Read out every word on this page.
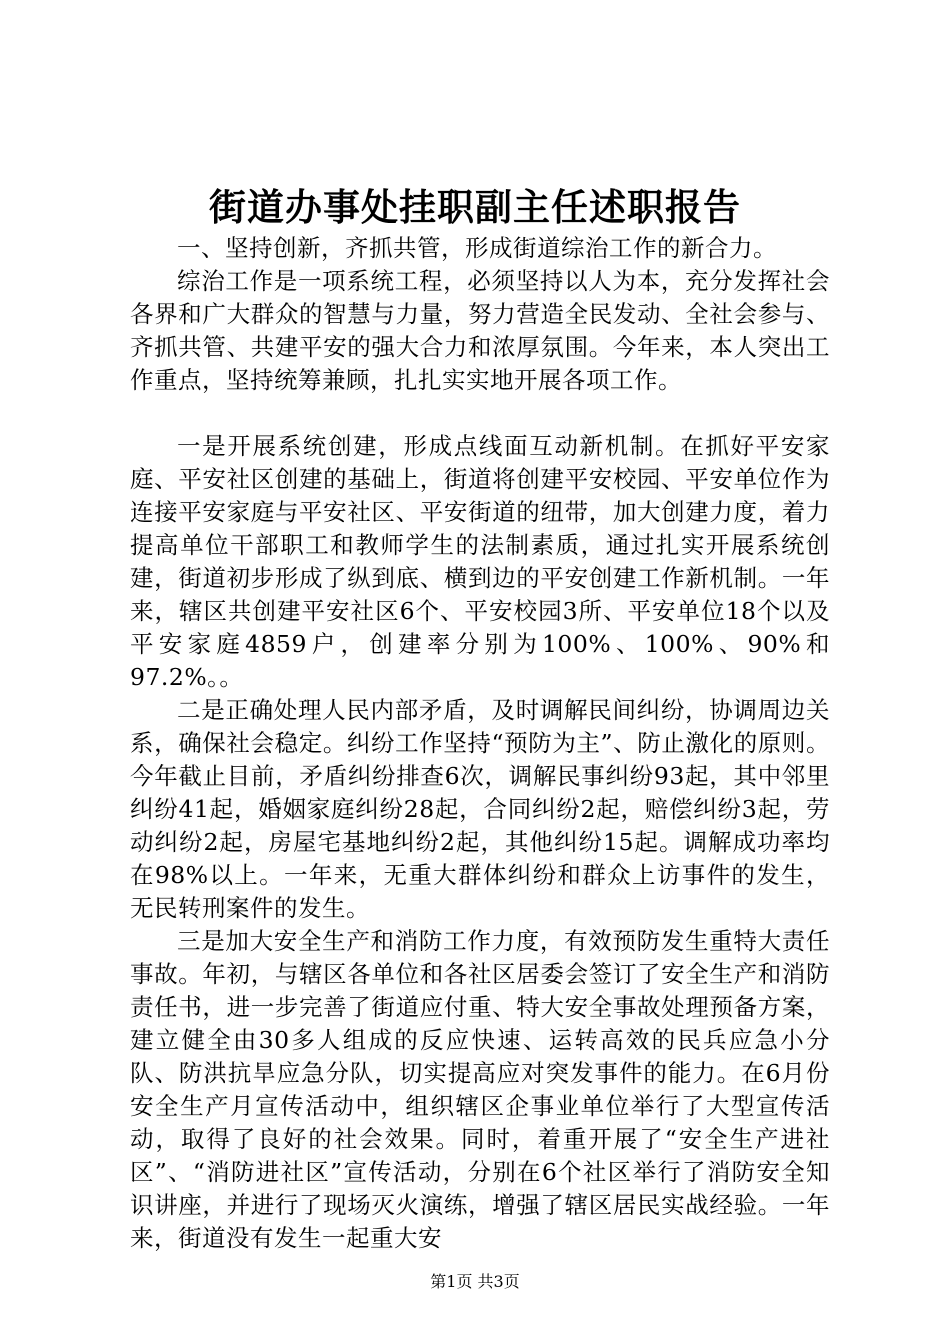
街道办事处挂职副主任述职报告

一、坚持创新，齐抓共管，形成街道综治工作的新合力。

综治工作是一项系统工程，必须坚持以人为本，充分发挥社会各界和广大群众的智慧与力量，努力营造全民发动、全社会参与、齐抓共管、共建平安的强大合力和浓厚氛围。今年来，本人突出工作重点，坚持统筹兼顾，扎扎实实地开展各项工作。

一是开展系统创建，形成点线面互动新机制。在抓好平安家庭、平安社区创建的基础上，街道将创建平安校园、平安单位作为连接平安家庭与平安社区、平安街道的纽带，加大创建力度，着力提高单位干部职工和教师学生的法制素质，通过扎实开展系统创建，街道初步形成了纵到底、横到边的平安创建工作新机制。一年来，辖区共创建平安社区6个、平安校园3所、平安单位18个以及平安家庭4859户，创建率分别为100%、100%、90%和97.2%。。

二是正确处理人民内部矛盾，及时调解民间纠纷，协调周边关系，确保社会稳定。纠纷工作坚持“预防为主”、防止激化的原则。今年截止目前，矛盾纠纷排查6次，调解民事纠纷93起，其中邻里纠纷41起，婚姻家庭纠纷28起，合同纠纷2起，赔偿纠纷3起，劳动纠纷2起，房屋宅基地纠纷2起，其他纠纷15起。调解成功率均在98%以上。一年来，无重大群体纠纷和群众上访事件的发生，无民转刑案件的发生。

三是加大安全生产和消防工作力度，有效预防发生重特大责任事故。年初，与辖区各单位和各社区居委会签订了安全生产和消防责任书，进一步完善了街道应付重、特大安全事故处理预备方案，建立健全由30多人组成的反应快速、运转高效的民兵应急小分队、防洪抗旱应急分队，切实提高应对突发事件的能力。在6月份安全生产月宣传活动中，组织辖区企事业单位举行了大型宣传活动，取得了良好的社会效果。同时，着重开展了“安全生产进社区”、“消防进社区”宣传活动，分别在6个社区举行了消防安全知识讲座，并进行了现场灭火演练，增强了辖区居民实战经验。一年来，街道没有发生一起重大安

第1页 共3页
